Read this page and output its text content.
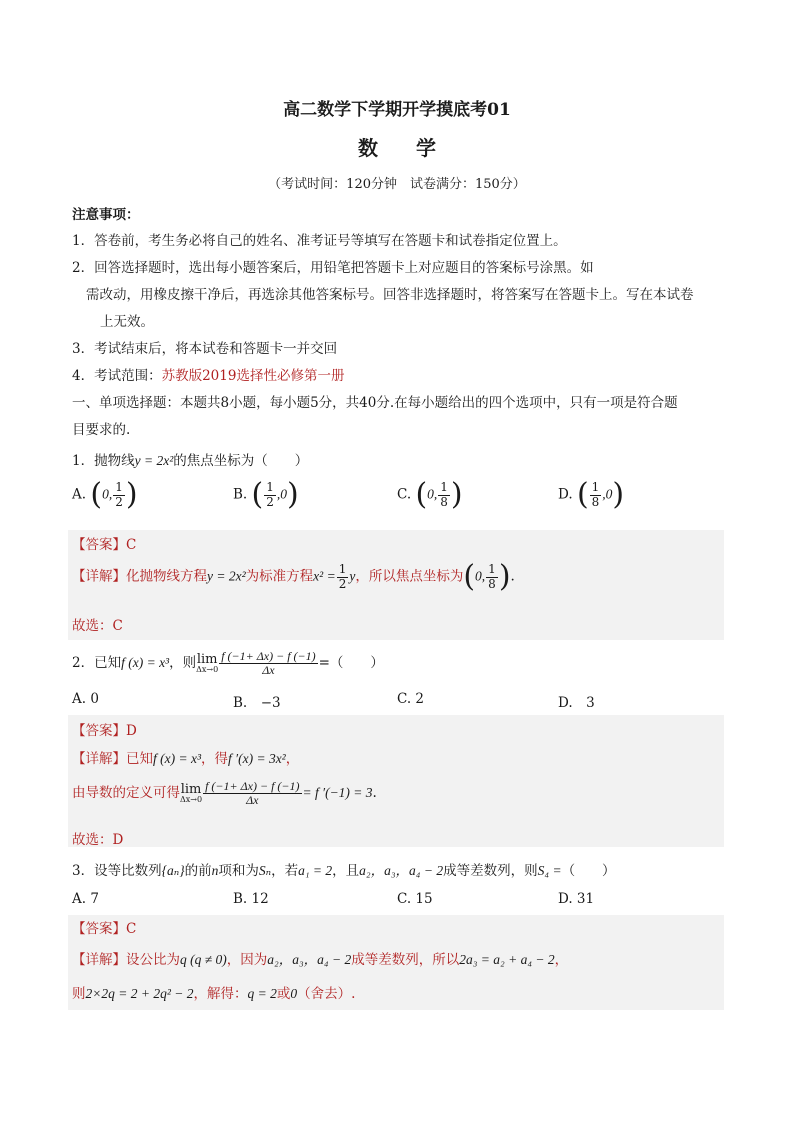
高二数学下学期开学摸底考01
数学
（考试时间：120分钟　试卷满分：150分）
注意事项：
1．答卷前，考生务必将自己的姓名、准考证号等填写在答题卡和试卷指定位置上。
2．回答选择题时，选出每小题答案后，用铅笔把答题卡上对应题目的答案标号涂黑。如
需改动，用橡皮擦干净后，再选涂其他答案标号。回答非选择题时，将答案写在答题卡上。写在本试卷
上无效。
3．考试结束后，将本试卷和答题卡一并交回
4．考试范围：苏教版2019选择性必修第一册
一、单项选择题：本题共8小题，每小题5分，共40分.在每小题给出的四个选项中，只有一项是符合题
目要求的.
1．抛物线y = 2x²的焦点坐标为（　　）
A. (0, $\frac{1}{2}$ )	B. ( $\frac{1}{2} ,0$)	C. (0, $\frac{1}{8}$ )	D. ( $\frac{1}{8} ,0$)
【答案】C
【详解】化抛物线方程y = 2x²为标准方程$x^2 = \frac{1}{2}$ y，所以焦点坐标为(0, $\frac{1}{8}$ ).
故选：C
2．已知f (x) = x³，则lim
$\Delta x\to 0 \frac{f (-1+ \Delta x) - f (-1)}{\Delta x}$ =（　　）
A. 0	B.　−3	C. 2	D.　3
【答案】D
【详解】已知f (x) = x³，得f ′(x) = 3x²，
由导数的定义可得lim
$\Delta x\to 0 \frac{f (-1+ \Delta x) - f (-1)}{\Delta x} = f$ ′(−1) = 3.
故选：D
3．设等比数列{aₙ}的前n项和为Sₙ，若a₁ = 2，且a₂，a₃，a₄ − 2成等差数列，则S₄ =（　　）
A. 7	B. 12	C. 15	D. 31
【答案】C
【详解】设公比为q (q ≠ 0)，因为a₂，a₃，a₄ − 2成等差数列，所以2a₃ = a₂ + a₄ − 2，
则2×2q = 2 + 2q² − 2，解得：q = 2或0（舍去）.
